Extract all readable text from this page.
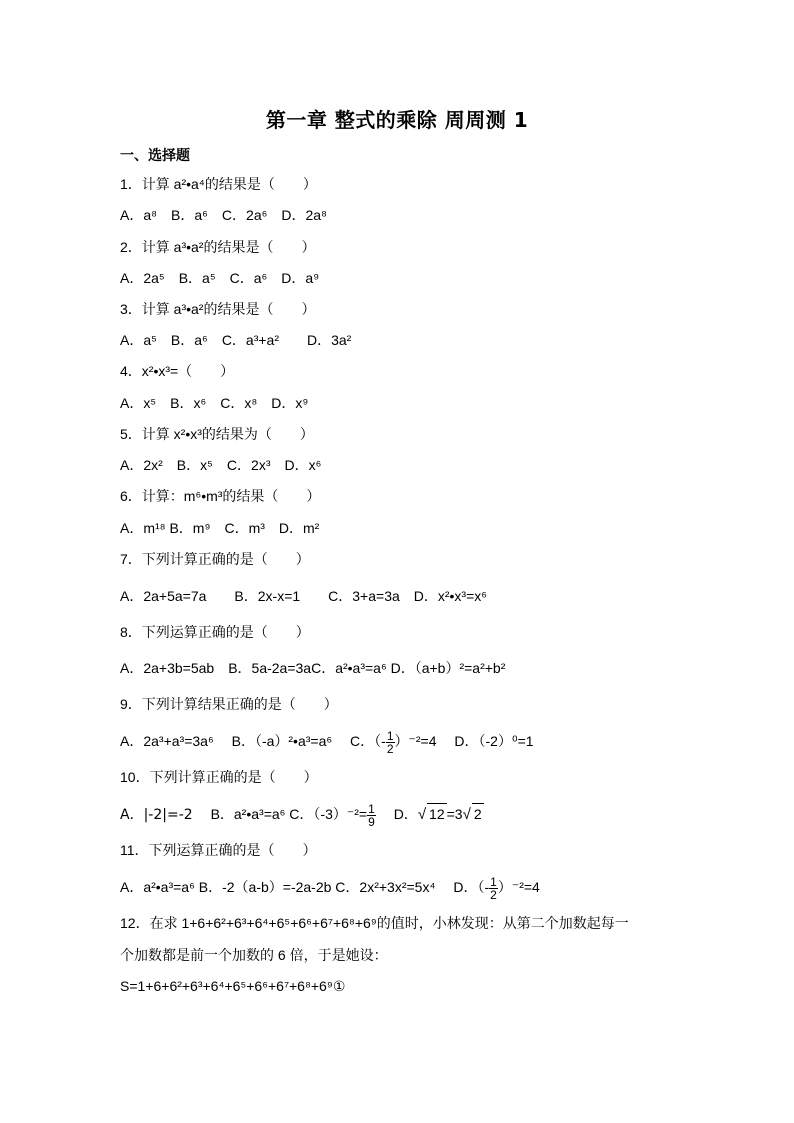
第一章 整式的乘除 周周测 1
一、选择题
1．计算 a²•a⁴的结果是（　　）
A．a⁸　B．a⁶　C．2a⁶　D．2a⁸
2．计算 a³•a²的结果是（　　）
A．2a⁵　B．a⁵　C．a⁶　D．a⁹
3．计算 a³•a²的结果是（　　）
A．a⁵　B．a⁶　C．a³+a²　　D．3a²
4．x²•x³=（　　）
A．x⁵　B．x⁶　C．x⁸　D．x⁹
5．计算 x²•x³的结果为（　　）
A．2x²　B．x⁵　C．2x³　D．x⁶
6．计算：m⁶•m³的结果（　　）
A．m¹⁸ B．m⁹　C．m³　D．m²
7．下列计算正确的是（　　）
A．2a+5a=7a　　B．2x-x=1　　C．3+a=3a　D．x²•x³=x⁶
8．下列运算正确的是（　　）
A．2a+3b=5ab　B．5a-2a=3aC．a²•a³=a⁶ D．（a+b）²=a²+b²
9．下列计算结果正确的是（　　）
A．2a³+a³=3a⁶ B．（-a）²•a³=a⁶ C．（- $\frac{1}{2} )^{-2}=4$ D．（-2）⁰=1
10．下列计算正确的是（　　）
A．|-2|=-2 B．a²•a³=a⁶ C．$(-3)^{-2}= \frac{1}{9}$ D．√ 12 =3√ 2
11．下列运算正确的是（　　）
A．a²•a³=a⁶ B．-2（a-b）=-2a-2b C．2x²+3x²=5x⁴ D．（- $\frac{1}{2} )^{-2}=4$
12．在求 1+6+6²+6³+6⁴+6⁵+6⁶+6⁷+6⁸+6⁹的值时，小林发现：从第二个加数起每一
个加数都是前一个加数的 6 倍，于是她设：
S=1+6+6²+6³+6⁴+6⁵+6⁶+6⁷+6⁸+6⁹①
